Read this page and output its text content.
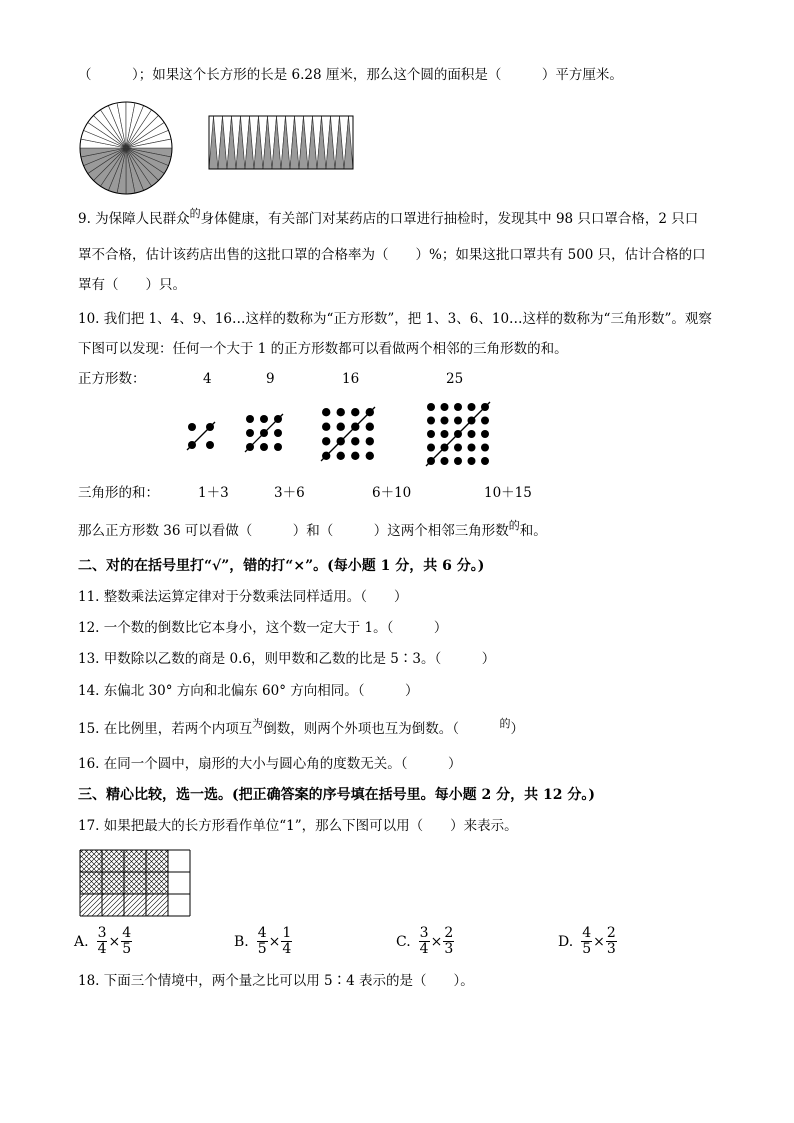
（　　　）；如果这个长方形的长是 6.28 厘米，那么这个圆的面积是（　　　）平方厘米。
9. 为保障人民群众$^的$身体健康，有关部门对某药店的口罩进行抽检时，发现其中 98 只口罩合格，2 只口
罩不合格，估计该药店出售的这批口罩的合格率为（　　）%；如果这批口罩共有 500 只，估计合格的口
罩有（　　）只。
10. 我们把 1、4、9、16…这样的数称为“正方形数”，把 1、3、6、10…这样的数称为“三角形数”。观察
下图可以发现：任何一个大于 1 的正方形数都可以看做两个相邻的三角形数的和。
正方形数：	4	9	16	25
三角形的和：	1＋3	3＋6	6＋10	10＋15
那么正方形数 36 可以看做（　　　）和（　　　）这两个相邻三角形数$^的$和。
二、对的在括号里打“√”，错的打“×”。(每小题 1 分，共 6 分。)
11. 整数乘法运算定律对于分数乘法同样适用。（　　）
12. 一个数的倒数比它本身小，这个数一定大于 1。（　　　）
13. 甲数除以乙数的商是 0.6，则甲数和乙数的比是 5∶3。（　　　）
14. 东偏北 30° 方向和北偏东 60° 方向相同。（　　　）
15. 在比例里，若两个内项互$^为$倒数，则两个外项也互为倒数。（　　　$^的$）
16. 在同一个圆中，扇形的大小与圆心角的度数无关。（　　　）
三、精心比较，选一选。(把正确答案的序号填在括号里。每小题 2 分，共 12 分。)
17. 如果把最大的长方形看作单位“1”，那么下图可以用（　　）来表示。
A. $\frac{3}{4} \times \frac{4}{5}$	B. $\frac{4}{5} \times \frac{1}{4}$	C. $\frac{3}{4} \times \frac{2}{3}$	D. $\frac{4}{5} \times \frac{2}{3}$
18. 下面三个情境中，两个量之比可以用 5∶4 表示的是（　　）。
